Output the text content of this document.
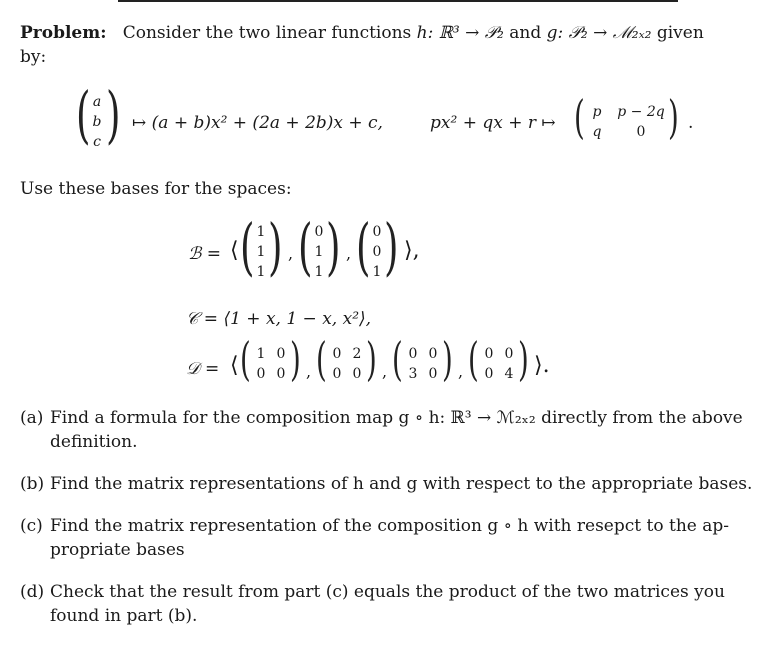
Problem: Consider the two linear functions h: ℝ³ → 𝒫₂ and g: 𝒫₂ → ℳ₂ₓ₂ given
by:
( a
b
c ) ↦ (a + b)x² + (2a + 2b)x + c,	px² + qx + r ↦ ( p	p − 2q
q	0 ) .
Use these bases for the spaces:
ℬ = ⟨ ( 1
1
1 ) , ( 0
1
1 ) , ( 0
0
1 ) ⟩,
𝒞 = ⟨1 + x, 1 − x, x²⟩,
𝒟 = ⟨ ( 1 0
0 0 ) , ( 0 2
0 0 ) , ( 0 0
3 0 ) , ( 0 0
0 4 ) ⟩.
(a) Find a formula for the composition map g ∘ h: ℝ³ → ℳ₂ₓ₂ directly from the above
definition.
(b) Find the matrix representations of h and g with respect to the appropriate bases.
(c) Find the matrix representation of the composition g ∘ h with resepct to the ap-
propriate bases
(d) Check that the result from part (c) equals the product of the two matrices you
found in part (b).
